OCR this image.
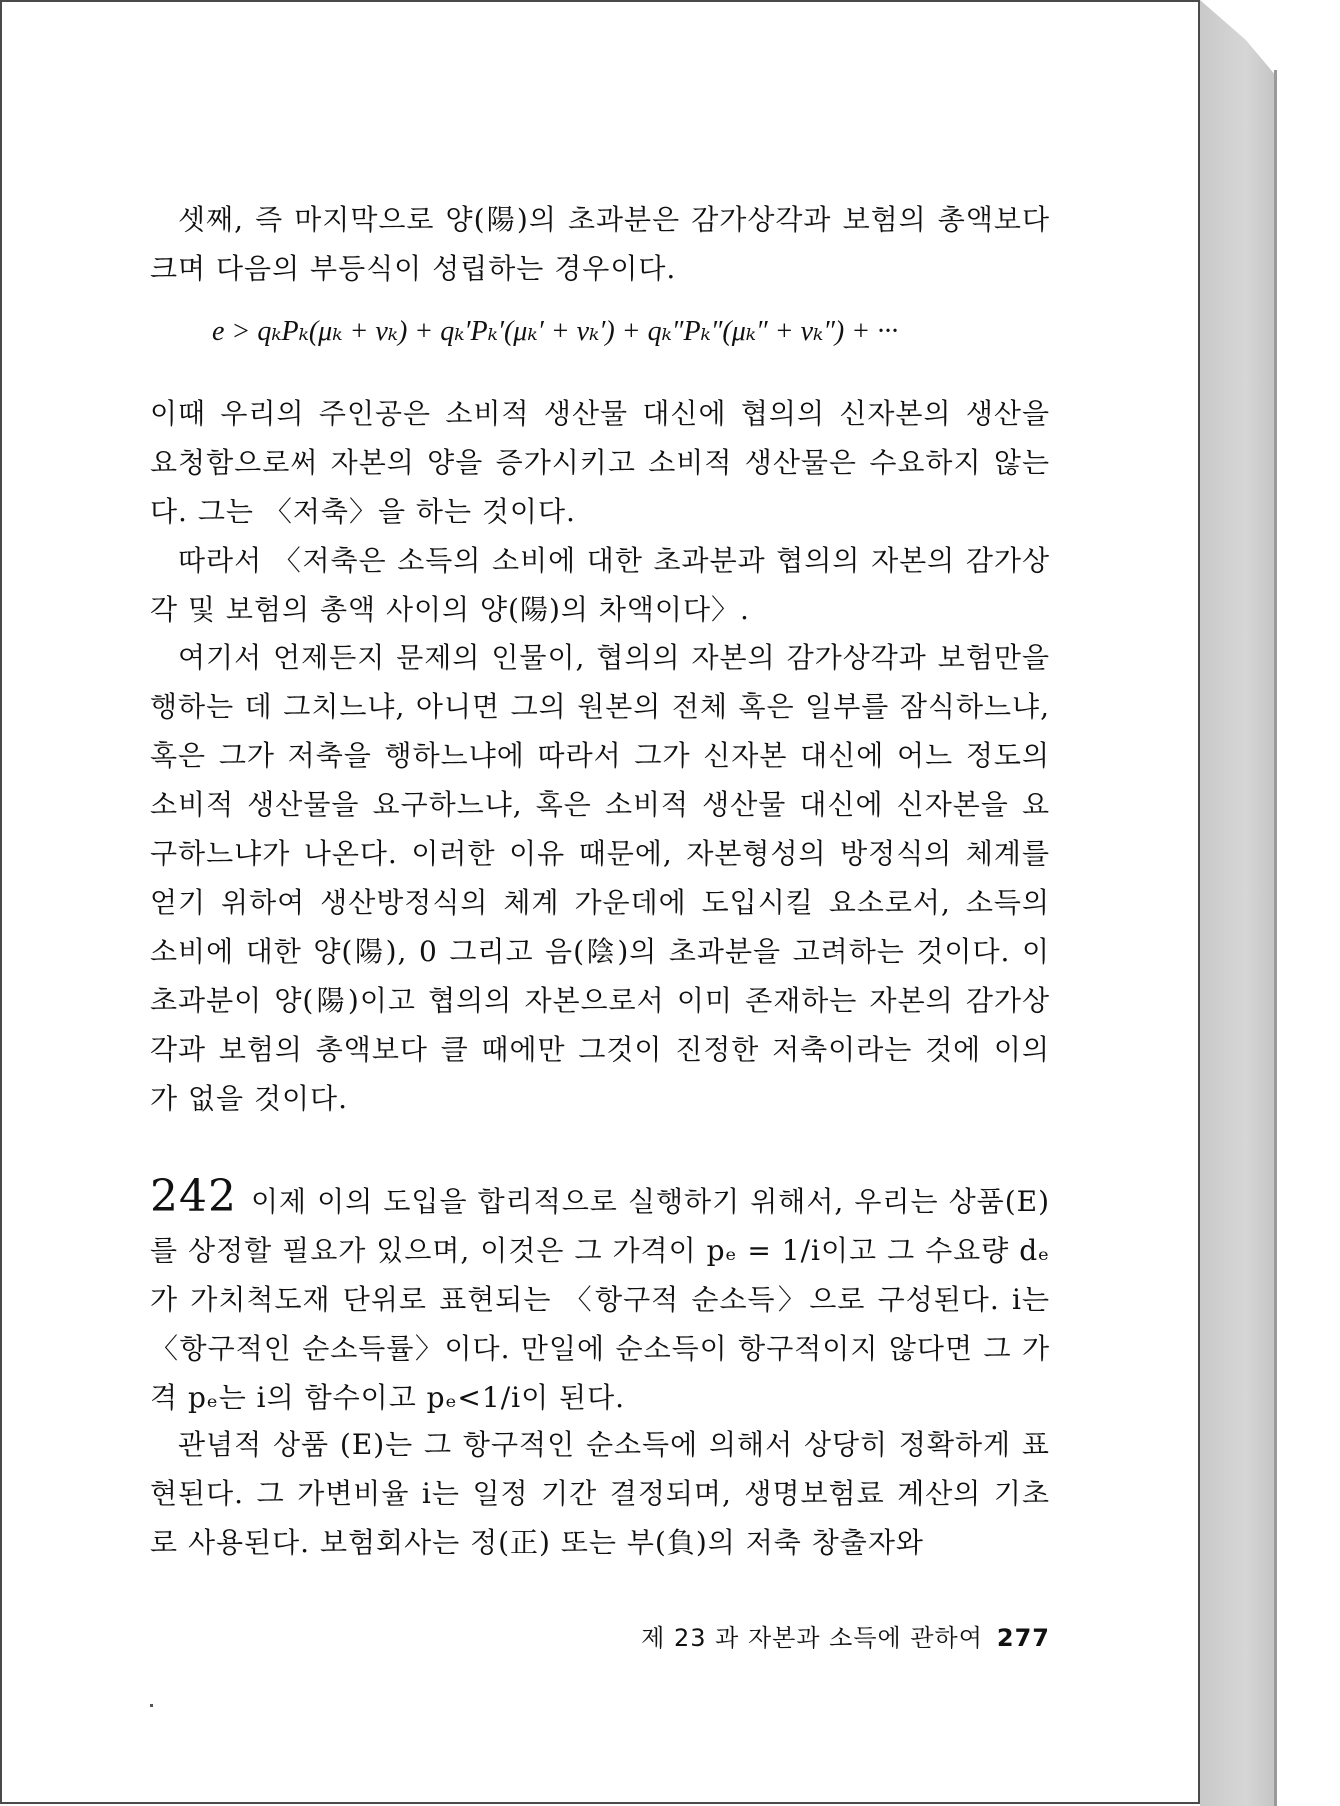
셋째, 즉 마지막으로 양(陽)의 초과분은 감가상각과 보험의 총액보다 크며 다음의 부등식이 성립하는 경우이다.

e > qₖPₖ(μₖ + νₖ) + qₖ′Pₖ′(μₖ′ + νₖ′) + qₖ″Pₖ″(μₖ″ + νₖ″) + ···

이때 우리의 주인공은 소비적 생산물 대신에 협의의 신자본의 생산을 요청함으로써 자본의 양을 증가시키고 소비적 생산물은 수요하지 않는다. 그는 〈저축〉을 하는 것이다.

따라서 〈저축은 소득의 소비에 대한 초과분과 협의의 자본의 감가상각 및 보험의 총액 사이의 양(陽)의 차액이다〉.

여기서 언제든지 문제의 인물이, 협의의 자본의 감가상각과 보험만을 행하는 데 그치느냐, 아니면 그의 원본의 전체 혹은 일부를 잠식하느냐, 혹은 그가 저축을 행하느냐에 따라서 그가 신자본 대신에 어느 정도의 소비적 생산물을 요구하느냐, 혹은 소비적 생산물 대신에 신자본을 요구하느냐가 나온다. 이러한 이유 때문에, 자본형성의 방정식의 체계를 얻기 위하여 생산방정식의 체계 가운데에 도입시킬 요소로서, 소득의 소비에 대한 양(陽), 0 그리고 음(陰)의 초과분을 고려하는 것이다. 이 초과분이 양(陽)이고 협의의 자본으로서 이미 존재하는 자본의 감가상각과 보험의 총액보다 클 때에만 그것이 진정한 저축이라는 것에 이의가 없을 것이다.

242 이제 이의 도입을 합리적으로 실행하기 위해서, 우리는 상품(E)를 상정할 필요가 있으며, 이것은 그 가격이 pₑ = 1/i이고 그 수요량 dₑ가 가치척도재 단위로 표현되는 〈항구적 순소득〉으로 구성된다. i는 〈항구적인 순소득률〉이다. 만일에 순소득이 항구적이지 않다면 그 가격 pₑ는 i의 함수이고 pₑ<1/i이 된다.

관념적 상품 (E)는 그 항구적인 순소득에 의해서 상당히 정확하게 표현된다. 그 가변비율 i는 일정 기간 결정되며, 생명보험료 계산의 기초로 사용된다. 보험회사는 정(正) 또는 부(負)의 저축 창출자와

제 23 과 자본과 소득에 관하여 277
